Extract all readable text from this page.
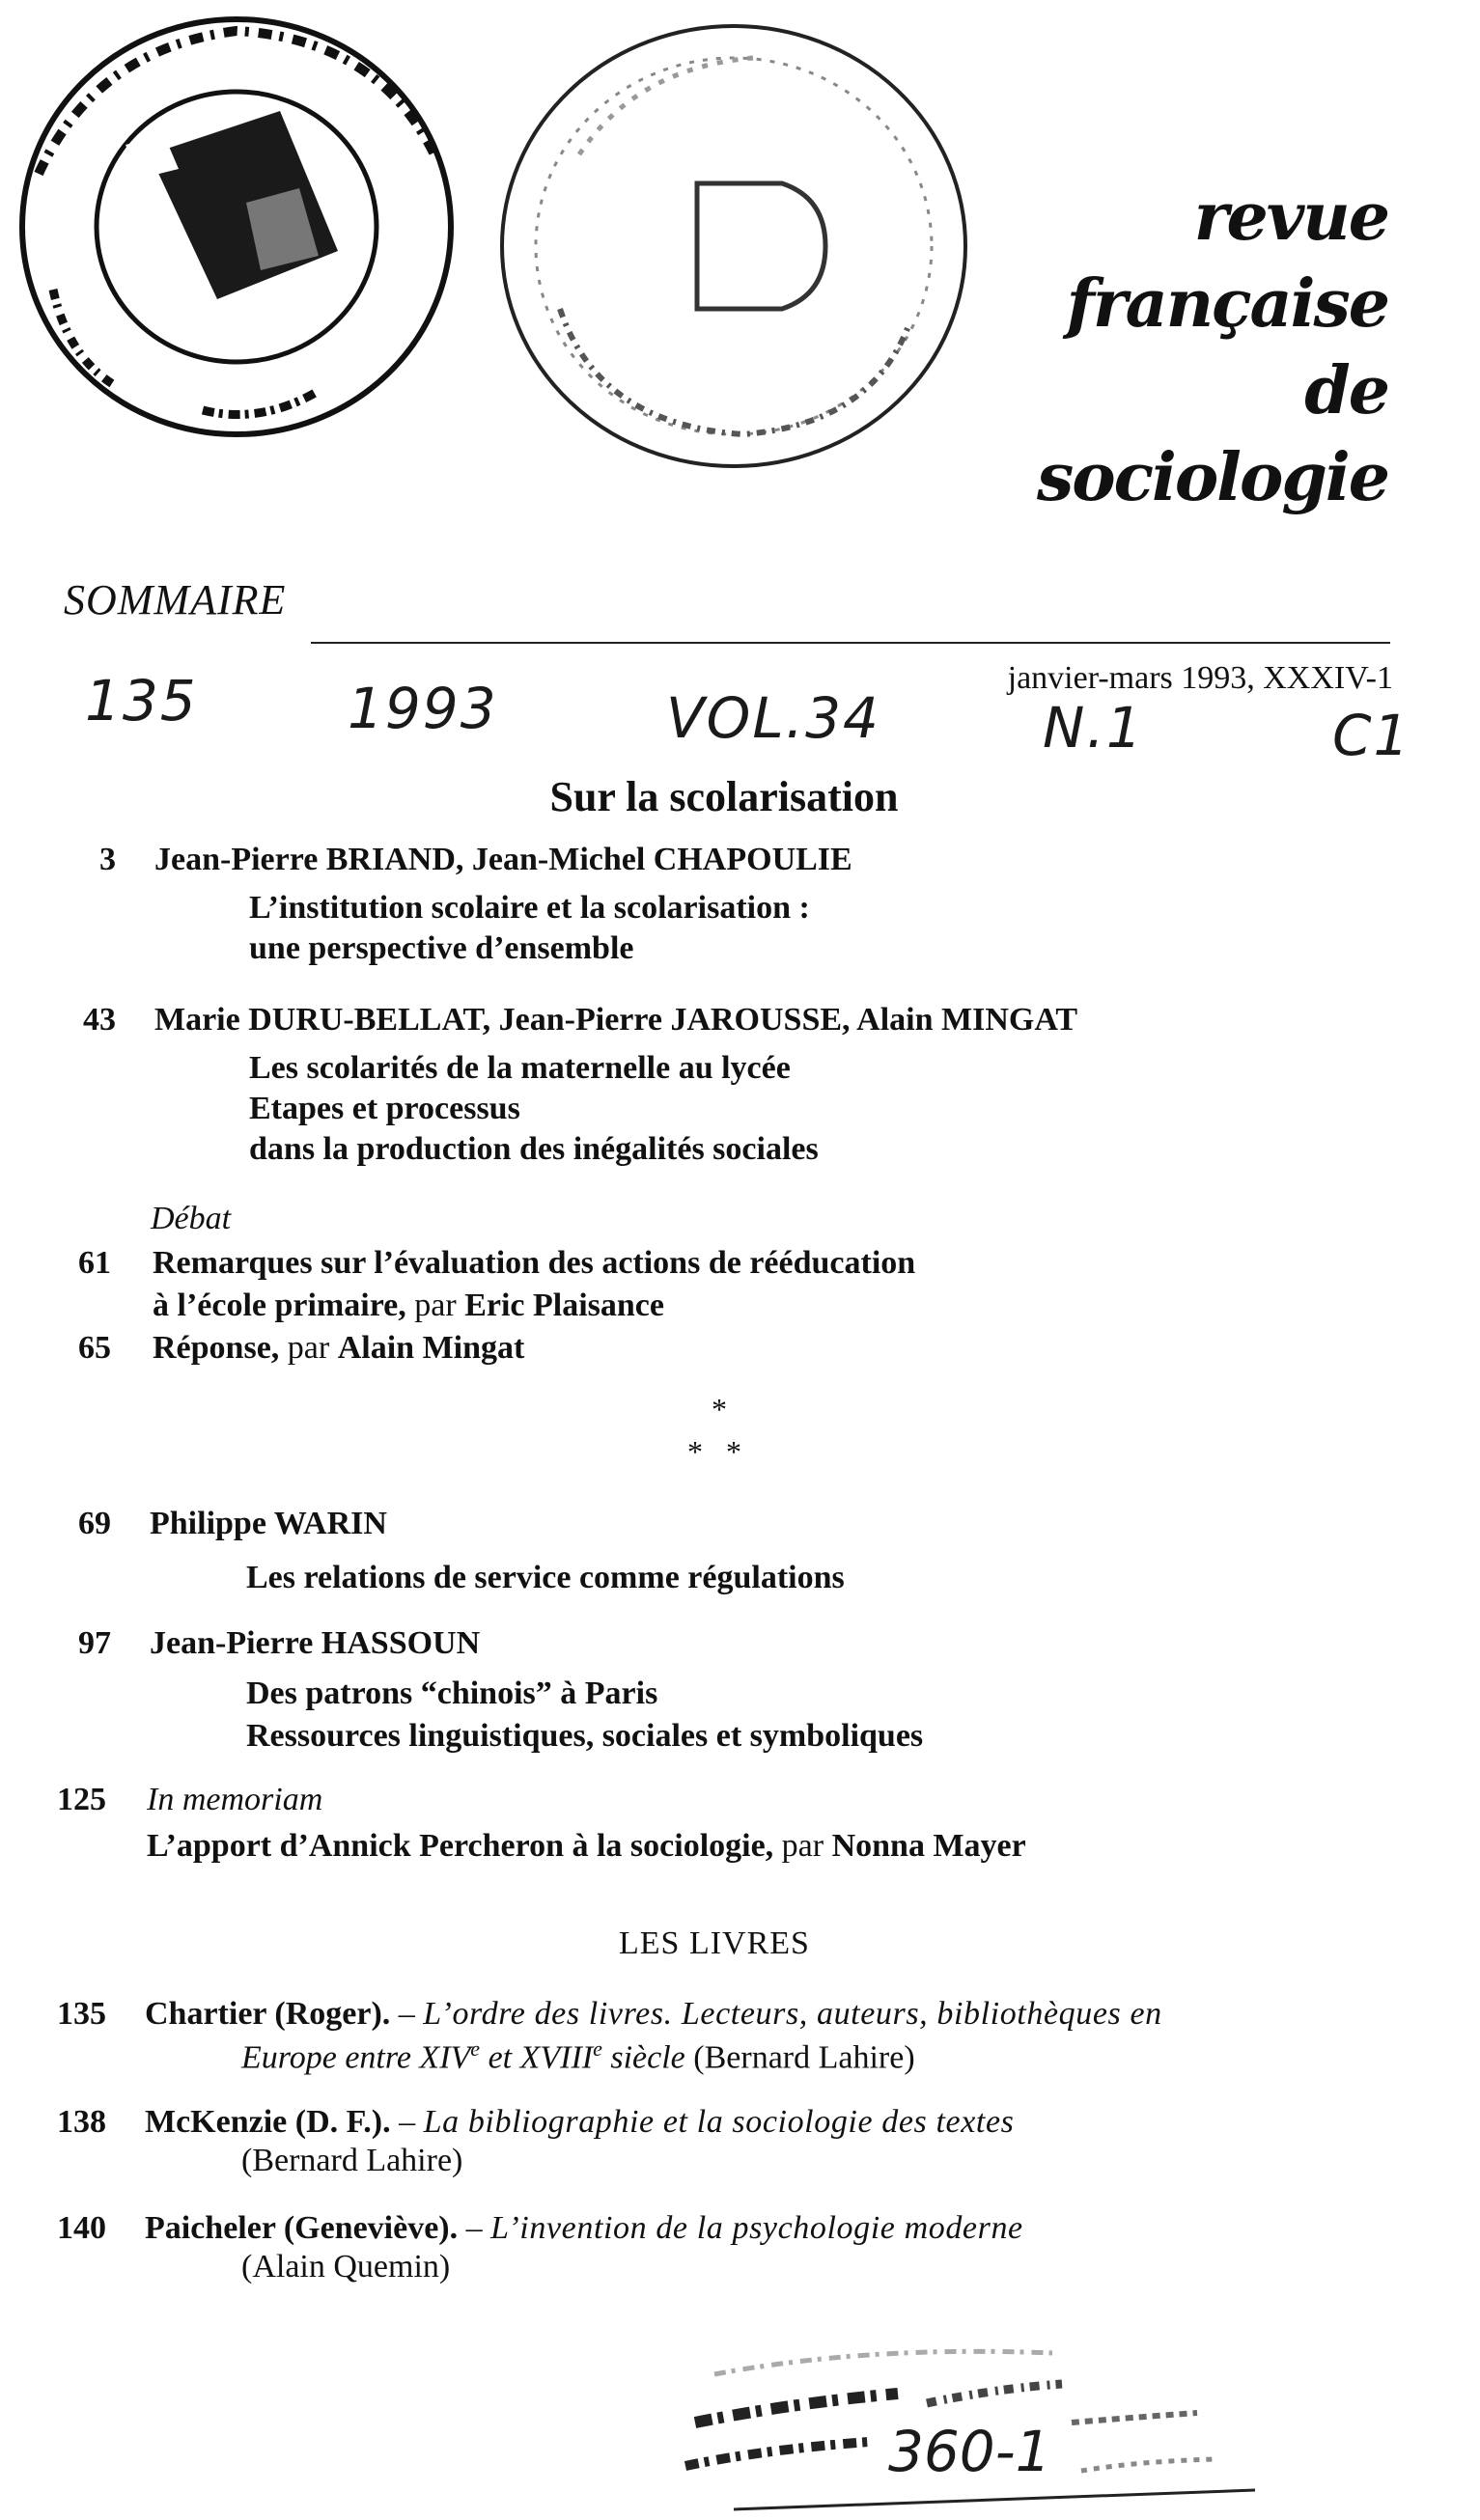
revue
française
de
sociologie
SOMMAIRE
janvier-mars 1993, XXXIV-1
135	1993	VOL.34	N.1	C1
Sur la scolarisation
3 Jean-Pierre BRIAND, Jean-Michel CHAPOULIE
L’institution scolaire et la scolarisation :
une perspective d’ensemble
43 Marie DURU-BELLAT, Jean-Pierre JAROUSSE, Alain MINGAT
Les scolarités de la maternelle au lycée
Etapes et processus
dans la production des inégalités sociales
Débat
61 Remarques sur l’évaluation des actions de rééducation
à l’école primaire, par Eric Plaisance
65 Réponse, par Alain Mingat
*
*   *
69 Philippe WARIN
Les relations de service comme régulations
97 Jean-Pierre HASSOUN
Des patrons “chinois” à Paris
Ressources linguistiques, sociales et symboliques
125 In memoriam
L’apport d’Annick Percheron à la sociologie, par Nonna Mayer
LES LIVRES
135 Chartier (Roger). – L’ordre des livres. Lecteurs, auteurs, bibliothèques en
Europe entre XIVe et XVIIIe siècle (Bernard Lahire)
138 McKenzie (D. F.). – La bibliographie et la sociologie des textes
(Bernard Lahire)
140 Paicheler (Geneviève). – L’invention de la psychologie moderne
(Alain Quemin)
360-1
